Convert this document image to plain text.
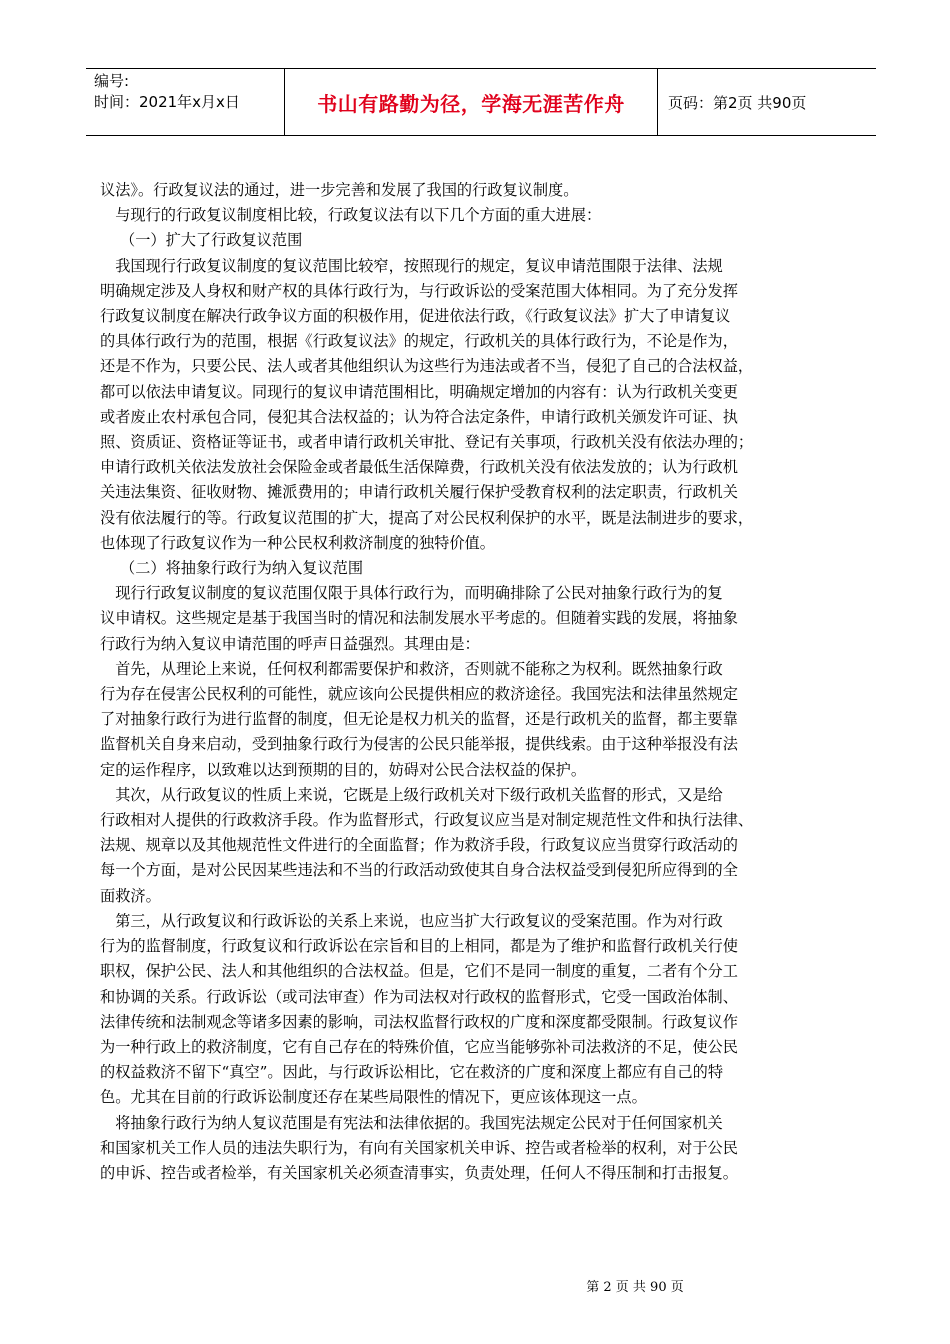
编号:
时间：2021年x月x日	书山有路勤为径，学海无涯苦作舟	页码：第2页 共90页

议法》。行政复议法的通过，进一步完善和发展了我国的行政复议制度。

　与现行的行政复议制度相比较，行政复议法有以下几个方面的重大进展：

　 （一）扩大了行政复议范围

　我国现行行政复议制度的复议范围比较窄，按照现行的规定，复议申请范围限于法律、法规

明确规定涉及人身权和财产权的具体行政行为，与行政诉讼的受案范围大体相同。为了充分发挥

行政复议制度在解决行政争议方面的积极作用，促进依法行政，《行政复议法》扩大了申请复议

的具体行政行为的范围，根据《行政复议法》的规定，行政机关的具体行政行为，不论是作为，

还是不作为，只要公民、法人或者其他组织认为这些行为违法或者不当，侵犯了自己的合法权益，

都可以依法申请复议。同现行的复议申请范围相比，明确规定增加的内容有：认为行政机关变更

或者废止农村承包合同，侵犯其合法权益的；认为符合法定条件，申请行政机关颁发许可证、执

照、资质证、资格证等证书，或者申请行政机关审批、登记有关事项，行政机关没有依法办理的；

申请行政机关依法发放社会保险金或者最低生活保障费，行政机关没有依法发放的；认为行政机

关违法集资、征收财物、摊派费用的；申请行政机关履行保护受教育权利的法定职责，行政机关

没有依法履行的等。行政复议范围的扩大，提高了对公民权利保护的水平，既是法制进步的要求，

也体现了行政复议作为一种公民权利救济制度的独特价值。

　 （二）将抽象行政行为纳入复议范围

　现行行政复议制度的复议范围仅限于具体行政行为，而明确排除了公民对抽象行政行为的复

议申请权。这些规定是基于我国当时的情况和法制发展水平考虑的。但随着实践的发展，将抽象

行政行为纳入复议申请范围的呼声日益强烈。其理由是：

　首先，从理论上来说，任何权利都需要保护和救济，否则就不能称之为权利。既然抽象行政

行为存在侵害公民权利的可能性，就应该向公民提供相应的救济途径。我国宪法和法律虽然规定

了对抽象行政行为进行监督的制度，但无论是权力机关的监督，还是行政机关的监督，都主要靠

监督机关自身来启动，受到抽象行政行为侵害的公民只能举报，提供线索。由于这种举报没有法

定的运作程序，以致难以达到预期的目的，妨碍对公民合法权益的保护。

　其次，从行政复议的性质上来说，它既是上级行政机关对下级行政机关监督的形式，又是给

行政相对人提供的行政救济手段。作为监督形式，行政复议应当是对制定规范性文件和执行法律、

法规、规章以及其他规范性文件进行的全面监督；作为救济手段，行政复议应当贯穿行政活动的

每一个方面，是对公民因某些违法和不当的行政活动致使其自身合法权益受到侵犯所应得到的全

面救济。

　第三，从行政复议和行政诉讼的关系上来说，也应当扩大行政复议的受案范围。作为对行政

行为的监督制度，行政复议和行政诉讼在宗旨和目的上相同，都是为了维护和监督行政机关行使

职权，保护公民、法人和其他组织的合法权益。但是，它们不是同一制度的重复，二者有个分工

和协调的关系。行政诉讼（或司法审查）作为司法权对行政权的监督形式，它受一国政治体制、

法律传统和法制观念等诸多因素的影响，司法权监督行政权的广度和深度都受限制。行政复议作

为一种行政上的救济制度，它有自己存在的特殊价值，它应当能够弥补司法救济的不足，使公民

的权益救济不留下“真空”。因此，与行政诉讼相比，它在救济的广度和深度上都应有自己的特

色。尤其在目前的行政诉讼制度还存在某些局限性的情况下，更应该体现这一点。

　将抽象行政行为纳人复议范围是有宪法和法律依据的。我国宪法规定公民对于任何国家机关

和国家机关工作人员的违法失职行为，有向有关国家机关申诉、控告或者检举的权利，对于公民

的申诉、控告或者检举，有关国家机关必须查清事实，负责处理，任何人不得压制和打击报复。

第 2 页 共 90 页
